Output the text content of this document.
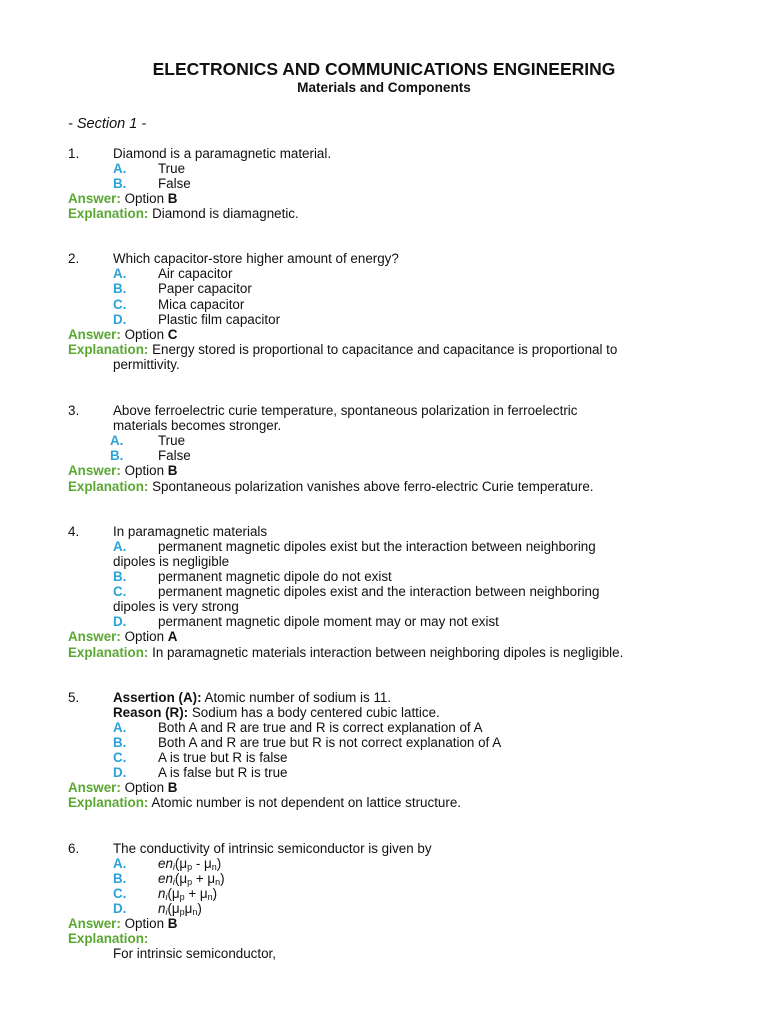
ELECTRONICS AND COMMUNICATIONS ENGINEERING
Materials and Components
- Section 1 -
1.	Diamond is a paramagnetic material.
A. True
B. False
Answer: Option B
Explanation: Diamond is diamagnetic.
2.	Which capacitor-store higher amount of energy?
A. Air capacitor
B. Paper capacitor
C. Mica capacitor
D. Plastic film capacitor
Answer: Option C
Explanation: Energy stored is proportional to capacitance and capacitance is proportional to
permittivity.
3.	Above ferroelectric curie temperature, spontaneous polarization in ferroelectric
materials becomes stronger.
A.	True
B.	False
Answer: Option B
Explanation: Spontaneous polarization vanishes above ferro-electric Curie temperature.
4.	In paramagnetic materials
A. permanent magnetic dipoles exist but the interaction between neighboring
dipoles is negligible
B. permanent magnetic dipole do not exist
C. permanent magnetic dipoles exist and the interaction between neighboring
dipoles is very strong
D. permanent magnetic dipole moment may or may not exist
Answer: Option A
Explanation: In paramagnetic materials interaction between neighboring dipoles is negligible.
5.	Assertion (A): Atomic number of sodium is 11.
Reason (R): Sodium has a body centered cubic lattice.
A. Both A and R are true and R is correct explanation of A
B. Both A and R are true but R is not correct explanation of A
C. A is true but R is false
D. A is false but R is true
Answer: Option B
Explanation: Atomic number is not dependent on lattice structure.
6.	The conductivity of intrinsic semiconductor is given by
A. $en_i(\mu_p - \mu_n)$
B. $en_i(\mu_p + \mu_n)$
C. $n_i(\mu_p + \mu_n)$
D. $n_i(\mu_p\mu_n)$
Answer: Option B
Explanation:
For intrinsic semiconductor,
